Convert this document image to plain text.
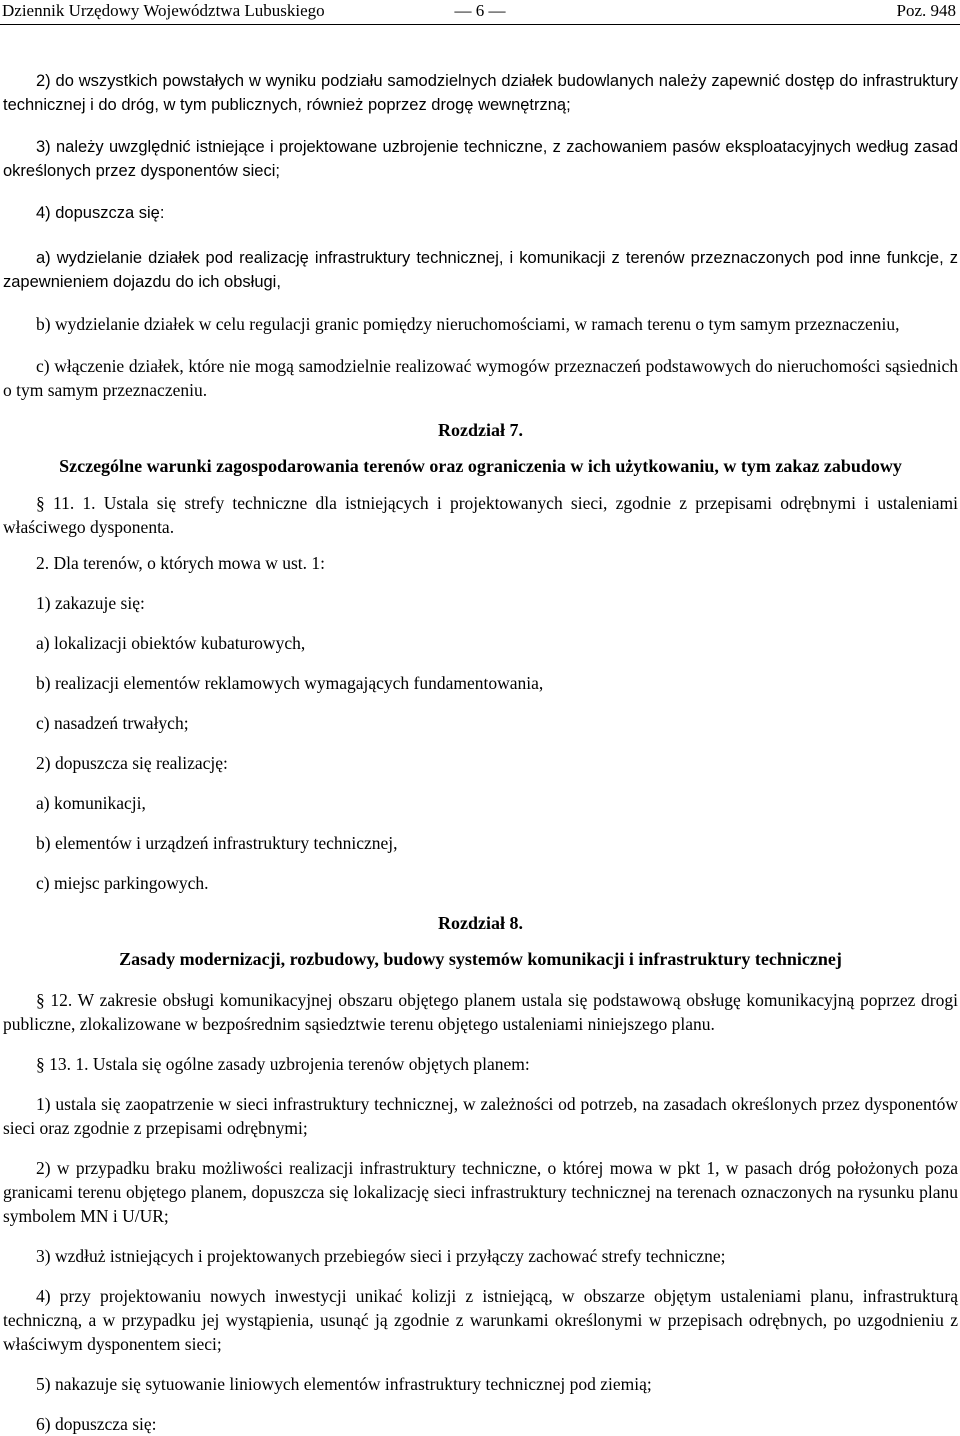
Dziennik Urzędowy Województwa Lubuskiego	— 6 —	Poz. 948

2) do wszystkich powstałych w wyniku podziału samodzielnych działek budowlanych należy zapewnić dostęp do infrastruktury technicznej i do dróg, w tym publicznych, również poprzez drogę wewnętrzną;

3) należy uwzględnić istniejące i projektowane uzbrojenie techniczne, z zachowaniem pasów eksploatacyjnych według zasad określonych przez dysponentów sieci;

4) dopuszcza się:

a) wydzielanie działek pod realizację infrastruktury technicznej, i komunikacji z terenów przeznaczonych pod inne funkcje, z zapewnieniem dojazdu do ich obsługi,

b) wydzielanie działek w celu regulacji granic pomiędzy nieruchomościami, w ramach terenu o tym samym przeznaczeniu,

c) włączenie działek, które nie mogą samodzielnie realizować wymogów przeznaczeń podstawowych do nieruchomości sąsiednich o tym samym przeznaczeniu.

Rozdział 7.
Szczególne warunki zagospodarowania terenów oraz ograniczenia w ich użytkowaniu, w tym zakaz zabudowy

§ 11. 1. Ustala się strefy techniczne dla istniejących i projektowanych sieci, zgodnie z przepisami odrębnymi i ustaleniami właściwego dysponenta.

2. Dla terenów, o których mowa w ust. 1:

1) zakazuje się:

a) lokalizacji obiektów kubaturowych,

b) realizacji elementów reklamowych wymagających fundamentowania,

c) nasadzeń trwałych;

2) dopuszcza się realizację:

a) komunikacji,

b) elementów i urządzeń infrastruktury technicznej,

c) miejsc parkingowych.

Rozdział 8.
Zasady modernizacji, rozbudowy, budowy systemów komunikacji i infrastruktury technicznej

§ 12. W zakresie obsługi komunikacyjnej obszaru objętego planem ustala się podstawową obsługę komunikacyjną poprzez drogi publiczne, zlokalizowane w bezpośrednim sąsiedztwie terenu objętego ustaleniami niniejszego planu.

§ 13. 1. Ustala się ogólne zasady uzbrojenia terenów objętych planem:

1) ustala się zaopatrzenie w sieci infrastruktury technicznej, w zależności od potrzeb, na zasadach określonych przez dysponentów sieci oraz zgodnie z przepisami odrębnymi;

2) w przypadku braku możliwości realizacji infrastruktury techniczne, o której mowa w pkt 1, w pasach dróg położonych poza granicami terenu objętego planem, dopuszcza się lokalizację sieci infrastruktury technicznej na terenach oznaczonych na rysunku planu symbolem MN i U/UR;

3) wzdłuż istniejących i projektowanych przebiegów sieci i przyłączy zachować strefy techniczne;

4) przy projektowaniu nowych inwestycji unikać kolizji z istniejącą, w obszarze objętym ustaleniami planu, infrastrukturą techniczną, a w przypadku jej wystąpienia, usunąć ją zgodnie z warunkami określonymi w przepisach odrębnych, po uzgodnieniu z właściwym dysponentem sieci;

5) nakazuje się sytuowanie liniowych elementów infrastruktury technicznej pod ziemią;

6) dopuszcza się:
